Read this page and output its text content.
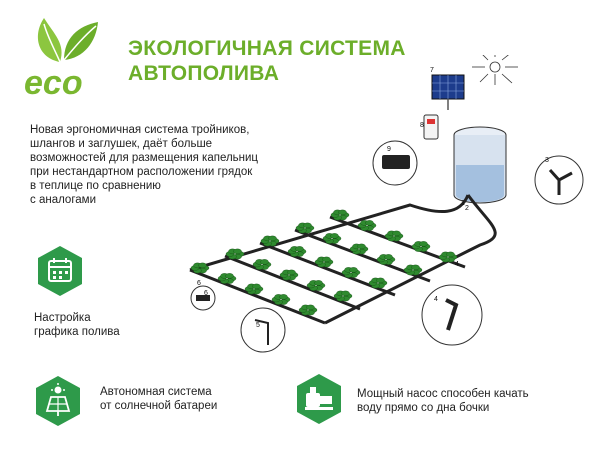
eco
ЭКОЛОГИЧНАЯ СИСТЕМА
АВТОПОЛИВА
Новая эргономичная система тройников,
шлангов и заглушек, даёт больше
возможностей для размещения капельниц
при нестандартном расположении грядок
в теплице по сравнению
с аналогами
Настройка
графика полива
Автономная система
от солнечной батареи
Мощный насос способен качать
воду прямо со дна бочки
7
8
9
3
1
2
4
4
5
6
6
